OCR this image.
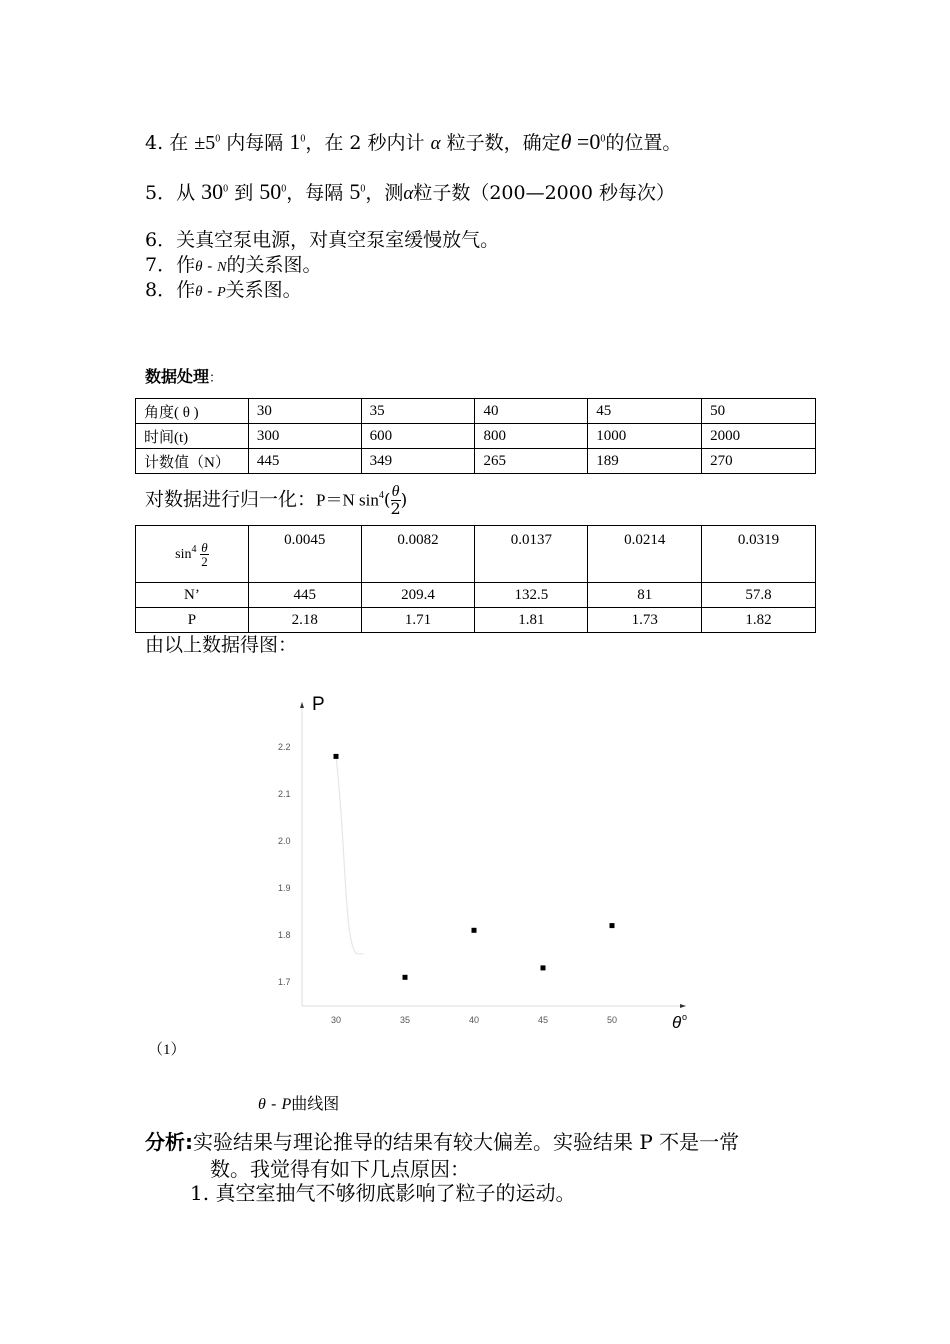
4. 在 $\pm 5^0$ 内每隔 $1^0$，在 2 秒内计 α 粒子数，确定$\theta =0^0$的位置。
5．从 $30^0$ 到 $50^0$，每隔 $5^0$，测α粒子数（200—2000 秒每次）
6．关真空泵电源，对真空泵室缓慢放气。
7．作θ - N的关系图。
8．作θ - P关系图。
数据处理：
角度( θ )	30	35	40	45	50
时间(t)	300	600	800	1000	2000
计数值（N）	445	349	265	189	270
对数据进行归一化：P＝N $\sin^4( \frac{\theta}{2}$ )
$\sin^4 \frac{\theta}{2}$	0.0045	0.0082	0.0137	0.0214	0.0319
N’	445	209.4	132.5	81	57.8
P	2.18	1.71	1.81	1.73	1.82
由以上数据得图：
P
2.2
2.1
2.0
1.9
1.8
1.7
30	35	40	45	50	θ o
（1）
θ - P曲线图
分析:实验结果与理论推导的结果有较大偏差。实验结果 P 不是一常
数。我觉得有如下几点原因：
1. 真空室抽气不够彻底影响了粒子的运动。
